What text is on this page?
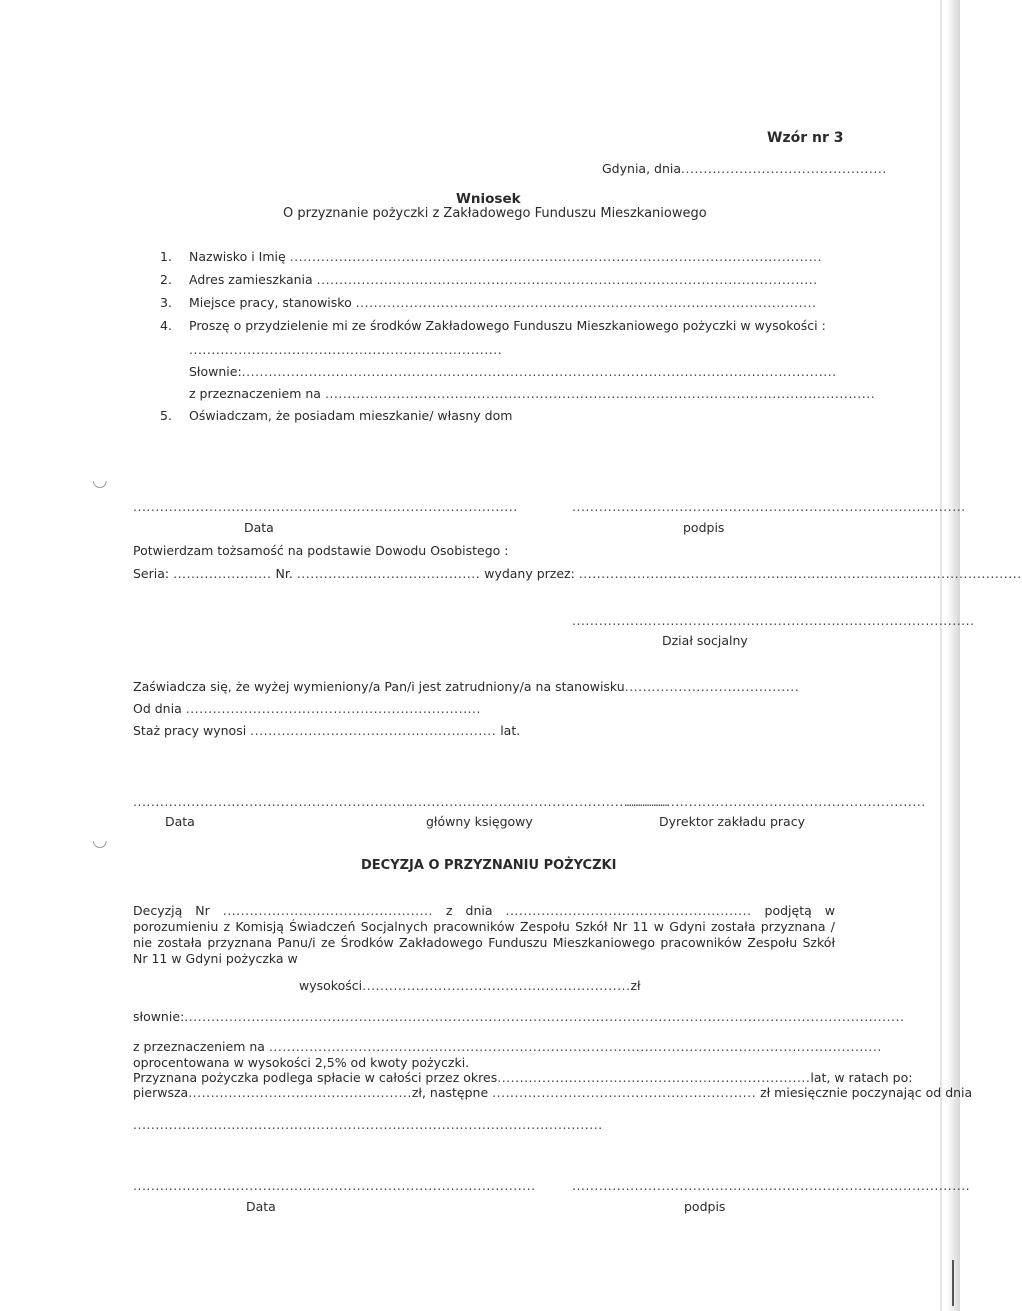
◡
◡
Wzór nr 3
Gdynia, dnia..............................................
Wniosek
O przyznanie pożyczki z Zakładowego Funduszu Mieszkaniowego
1. Nazwisko i Imię .......................................................................................................................
2. Adres zamieszkania ................................................................................................................
3. Miejsce pracy, stanowisko .......................................................................................................
4. Proszę o przydzielenie mi ze środków Zakładowego Funduszu Mieszkaniowego pożyczki w wysokości :
......................................................................
Słownie:.....................................................................................................................................
z przeznaczeniem na ...........................................................................................................................
5. Oświadczam, że posiadam mieszkanie/ własny dom
......................................................................................	........................................................................................
Data	podpis
Potwierdzam tożsamość na podstawie Dowodu Osobistego :
Seria: ...................... Nr. ......................................... wydany przez: ...................................................................................................
..........................................................................................
Dział socjalny
Zaświadcza się, że wyżej wymieniony/a Pan/i jest zatrudniony/a na stanowisku.......................................
Od dnia ..................................................................
Staż pracy wynosi ....................................................... lat.
..............................................................
..........................................................
...................................................................
Data	główny księgowy	Dyrektor zakładu pracy
DECYZJA O PRZYZNANIU POŻYCZKI
Decyzją Nr ............................................... z dnia ....................................................... podjętą w porozumieniu z Komisją Świadczeń Socjalnych pracowników Zespołu Szkół Nr 11 w Gdyni została przyznana / nie została przyznana Panu/i ze Środków Zakładowego Funduszu Mieszkaniowego pracowników Zespołu Szkół Nr 11 w Gdyni pożyczka w
wysokości............................................................zł
słownie:.................................................................................................................................................................
z przeznaczeniem na .........................................................................................................................................
oprocentowana w wysokości 2,5% od kwoty pożyczki.
Przyznana pożyczka podlega spłacie w całości przez okres ...................................................................... lat, w ratach po:
pierwsza..................................................zł, następne ........................................................... zł miesięcznie poczynając od dnia
.........................................................................................................
..........................................................................................	.........................................................................................
Data	podpis
